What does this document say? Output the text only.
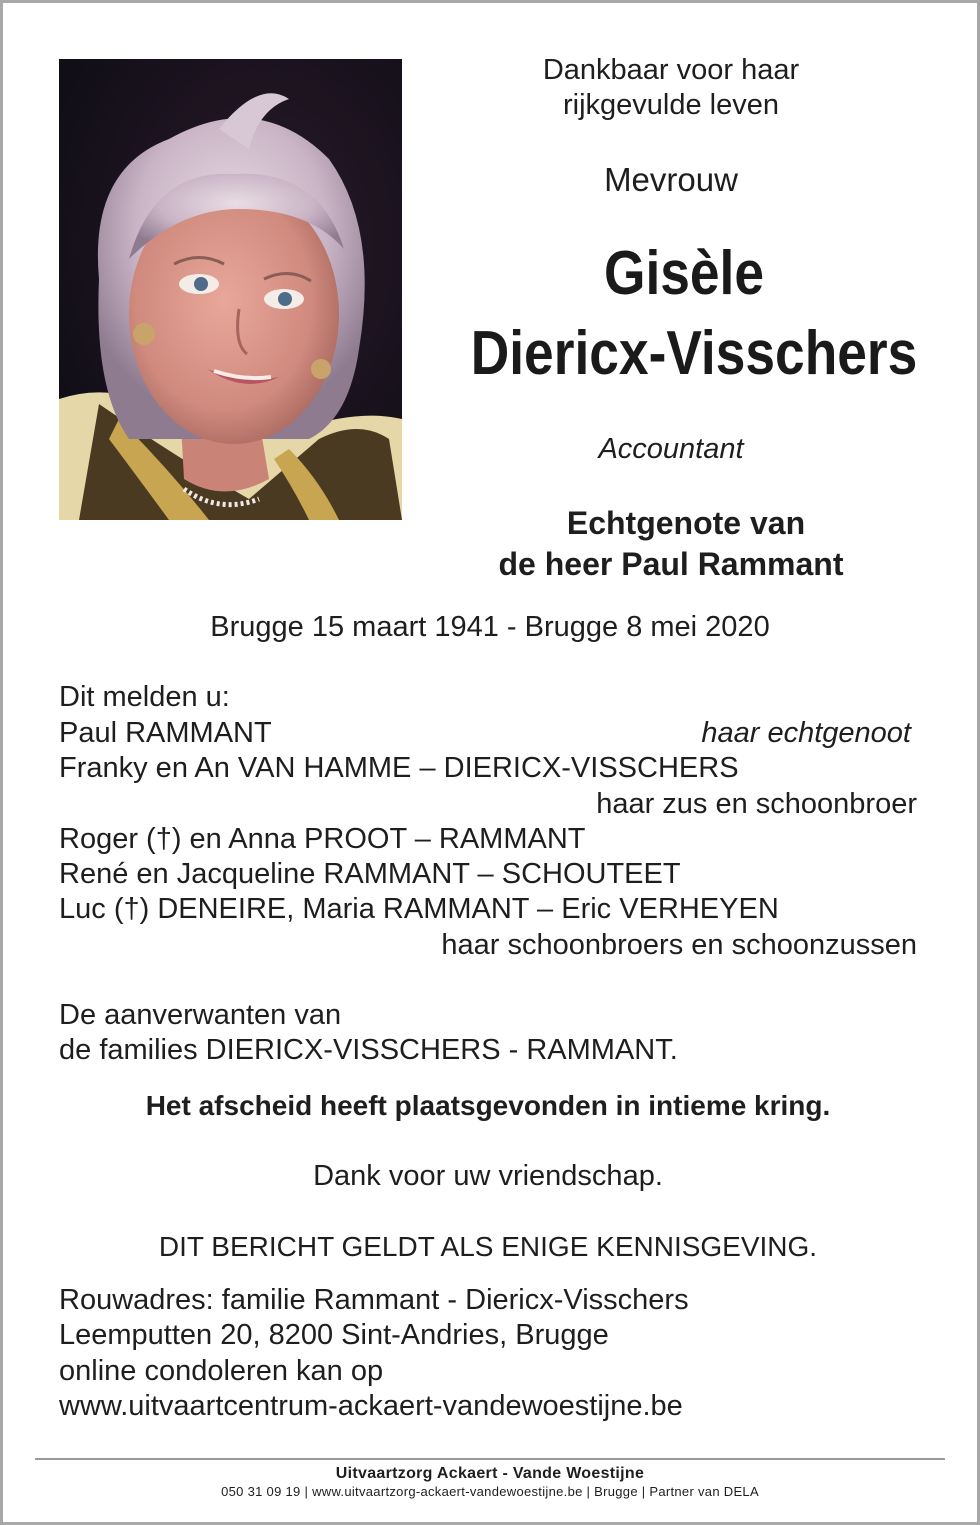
Dankbaar voor haar

rijkgevulde leven

Mevrouw

Gisèle

Diericx-Visschers

Accountant

Echtgenote van

de heer Paul Rammant

Brugge 15 maart 1941 - Brugge 8 mei 2020

Dit melden u:

Paul RAMMANT	haar echtgenoot

Franky en An VAN HAMME – DIERICX-VISSCHERS

haar zus en schoonbroer

Roger (†) en Anna PROOT – RAMMANT

René en Jacqueline RAMMANT – SCHOUTEET

Luc (†) DENEIRE, Maria RAMMANT – Eric VERHEYEN

haar schoonbroers en schoonzussen

De aanverwanten van

de families DIERICX-VISSCHERS - RAMMANT.

Het afscheid heeft plaatsgevonden in intieme kring.

Dank voor uw vriendschap.

DIT BERICHT GELDT ALS ENIGE KENNISGEVING.

Rouwadres: familie Rammant - Diericx-Visschers

Leemputten 20, 8200 Sint-Andries, Brugge

online condoleren kan op

www.uitvaartcentrum-ackaert-vandewoestijne.be

Uitvaartzorg Ackaert - Vande Woestijne

050 31 09 19 | www.uitvaartzorg-ackaert-vandewoestijne.be | Brugge | Partner van DELA
